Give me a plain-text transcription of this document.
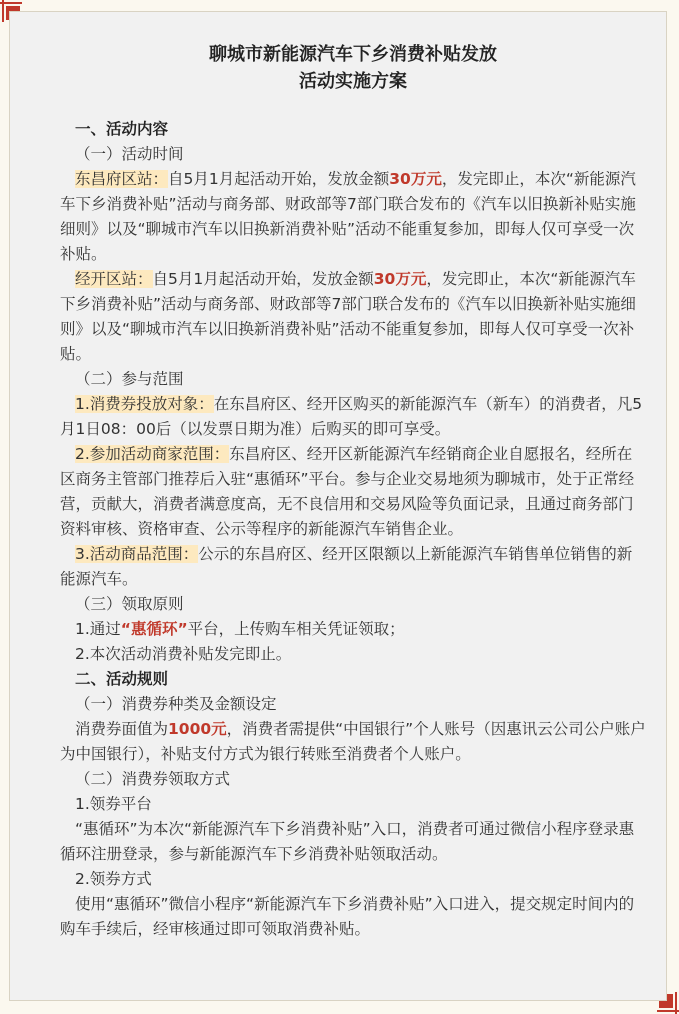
聊城市新能源汽车下乡消费补贴发放
活动实施方案

一、活动内容

（一）活动时间

东昌府区站：自5月1月起活动开始，发放金额30万元，发完即止，本次“新能源汽车下乡消费补贴”活动与商务部、财政部等7部门联合发布的《汽车以旧换新补贴实施细则》以及“聊城市汽车以旧换新消费补贴”活动不能重复参加，即每人仅可享受一次补贴。

经开区站：自5月1月起活动开始，发放金额30万元，发完即止，本次“新能源汽车下乡消费补贴”活动与商务部、财政部等7部门联合发布的《汽车以旧换新补贴实施细则》以及“聊城市汽车以旧换新消费补贴”活动不能重复参加，即每人仅可享受一次补贴。

（二）参与范围

1.消费券投放对象：在东昌府区、经开区购买的新能源汽车（新车）的消费者，凡5月1日08：00后（以发票日期为准）后购买的即可享受。

2.参加活动商家范围：东昌府区、经开区新能源汽车经销商企业自愿报名，经所在区商务主管部门推荐后入驻“惠循环”平台。参与企业交易地须为聊城市，处于正常经营，贡献大，消费者满意度高，无不良信用和交易风险等负面记录，且通过商务部门资料审核、资格审查、公示等程序的新能源汽车销售企业。

3.活动商品范围：公示的东昌府区、经开区限额以上新能源汽车销售单位销售的新能源汽车。

（三）领取原则

1.通过“惠循环”平台，上传购车相关凭证领取；

2.本次活动消费补贴发完即止。

二、活动规则

（一）消费券种类及金额设定

消费券面值为1000元，消费者需提供“中国银行”个人账号（因惠讯云公司公户账户为中国银行），补贴支付方式为银行转账至消费者个人账户。

（二）消费券领取方式

1.领券平台

“惠循环”为本次“新能源汽车下乡消费补贴”入口，消费者可通过微信小程序登录惠循环注册登录，参与新能源汽车下乡消费补贴领取活动。

2.领券方式

使用“惠循环”微信小程序“新能源汽车下乡消费补贴”入口进入，提交规定时间内的购车手续后，经审核通过即可领取消费补贴。
